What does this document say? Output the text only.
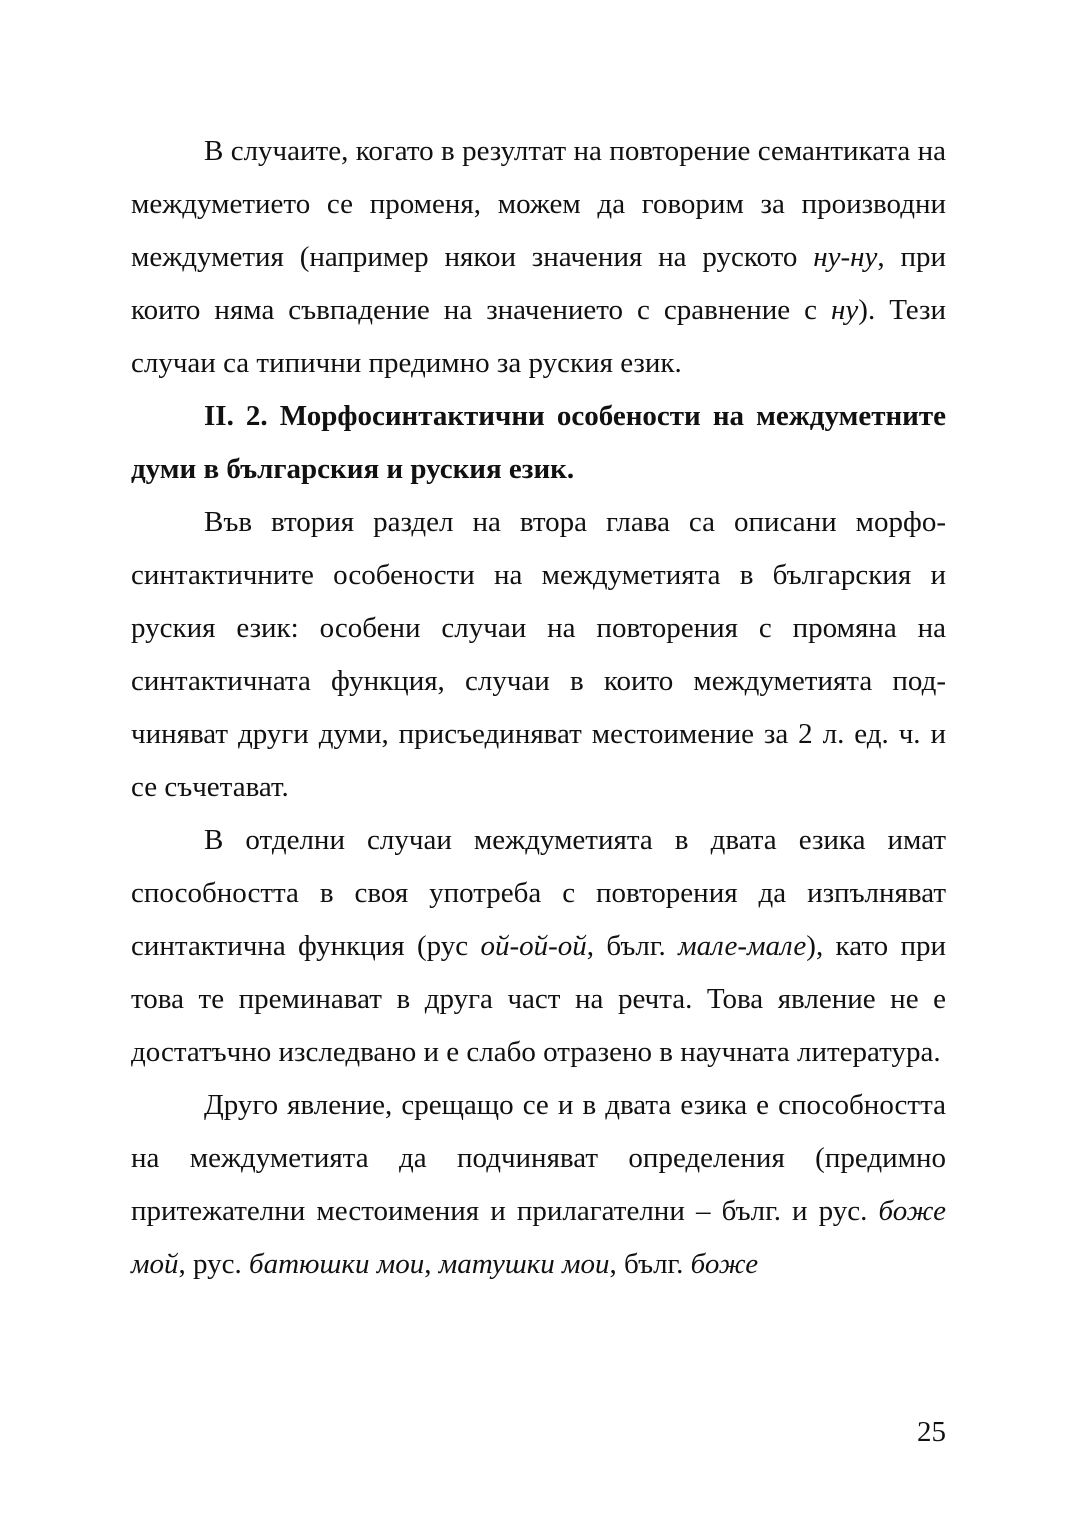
В случаите, когато в резултат на повторение семантиката на междуметието се променя, можем да говорим за производни междуметия (например някои значения на руското ну-ну, при които няма съвпадение на значението с сравнение с ну). Тези случаи са типични предимно за руския език.

II. 2. Морфосинтактични особености на междуметните думи в българския и руския език.

Във втория раздел на втора глава са описани морфосинтактичните особености на междуметията в българския и руския език: особени случаи на повторения с промяна на синтактичната функция, случаи в които междуметията подчиняват други думи, присъединяват местоимение за 2 л. ед. ч. и се съчетават.

В отделни случаи междуметията в двата езика имат способността в своя употреба с повторения да изпълняват синтактична функция (рус ой-ой-ой, бълг. мале-мале), като при това те преминават в друга част на речта. Това явление не е достатъчно изследвано и е слабо отразено в научната литература.

Друго явление, срещащо се и в двата езика е способността на междуметията да подчиняват определения (предимно притежателни местоимения и прилагателни – бълг. и рус. боже мой, рус. батюшки мои, матушки мои, бълг. боже

25
